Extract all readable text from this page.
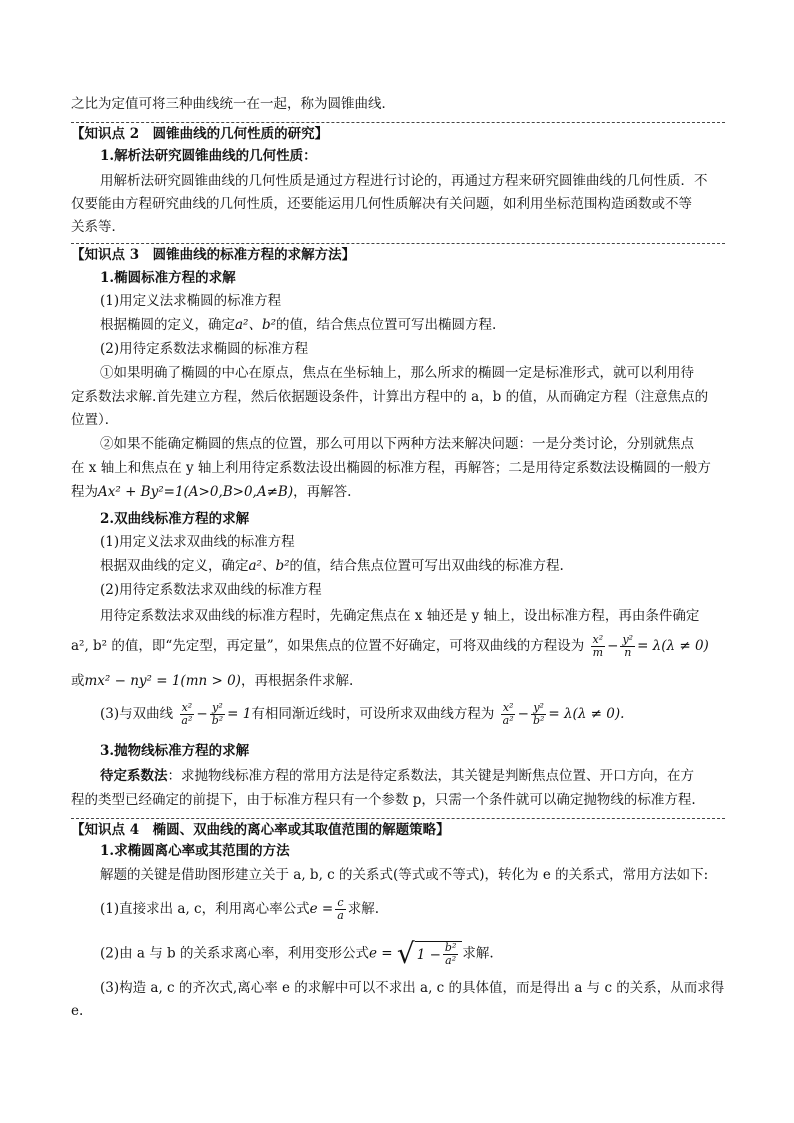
之比为定值可将三种曲线统一在一起，称为圆锥曲线．
【知识点 2　圆锥曲线的几何性质的研究】
1.解析法研究圆锥曲线的几何性质：
用解析法研究圆锥曲线的几何性质是通过方程进行讨论的，再通过方程来研究圆锥曲线的几何性质．不
仅要能由方程研究曲线的几何性质，还要能运用几何性质解决有关问题，如利用坐标范围构造函数或不等
关系等．
【知识点 3　圆锥曲线的标准方程的求解方法】
1.椭圆标准方程的求解
(1)用定义法求椭圆的标准方程
根据椭圆的定义，确定a²、b²的值，结合焦点位置可写出椭圆方程.
(2)用待定系数法求椭圆的标准方程
①如果明确了椭圆的中心在原点，焦点在坐标轴上，那么所求的椭圆一定是标准形式，就可以利用待
定系数法求解.首先建立方程，然后依据题设条件，计算出方程中的 a，b 的值，从而确定方程（注意焦点的
位置）．
②如果不能确定椭圆的焦点的位置，那么可用以下两种方法来解决问题：一是分类讨论，分别就焦点
在 x 轴上和焦点在 y 轴上利用待定系数法设出椭圆的标准方程，再解答；二是用待定系数法设椭圆的一般方
程为Ax² + By²=1(A>0,B>0,A≠B)，再解答.
2.双曲线标准方程的求解
(1)用定义法求双曲线的标准方程
根据双曲线的定义，确定a²、b²的值，结合焦点位置可写出双曲线的标准方程.
(2)用待定系数法求双曲线的标准方程
用待定系数法求双曲线的标准方程时，先确定焦点在 x 轴还是 y 轴上，设出标准方程，再由条件确定
a², b² 的值，即“先定型，再定量”，如果焦点的位置不好确定，可将双曲线的方程设为 $\frac{\text{x²}}{m} - \frac{\text{y²}}{n} = \lambda(\lambda \ne 0)$
或mx² − ny² = 1(mn > 0)，再根据条件求解.
(3)与双曲线 $\frac{\text{x²}}{\text{a²}} - \frac{\text{y²}}{\text{b²}} = 1$有相同渐近线时，可设所求双曲线方程为 $\frac{\text{x²}}{\text{a²}} - \frac{\text{y²}}{\text{b²}} = \lambda(\lambda \ne 0)$.
3.抛物线标准方程的求解
待定系数法：求抛物线标准方程的常用方法是待定系数法，其关键是判断焦点位置、开口方向，在方
程的类型已经确定的前提下，由于标准方程只有一个参数 p，只需一个条件就可以确定抛物线的标准方程.
【知识点 4　椭圆、双曲线的离心率或其取值范围的解题策略】
1.求椭圆离心率或其范围的方法
解题的关键是借助图形建立关于 a, b, c 的关系式(等式或不等式)，转化为 e 的关系式，常用方法如下:
(1)直接求出 a, c，利用离心率公式$e = \frac{c}{a}$ 求解.
(2)由 a 与 b 的关系求离心率，利用变形公式e = √ $1 - \frac{\text{b²}}{\text{a²}}$ 求解.
(3)构造 a, c 的齐次式,离心率 e 的求解中可以不求出 a, c 的具体值，而是得出 a 与 c 的关系，从而求得
e.
